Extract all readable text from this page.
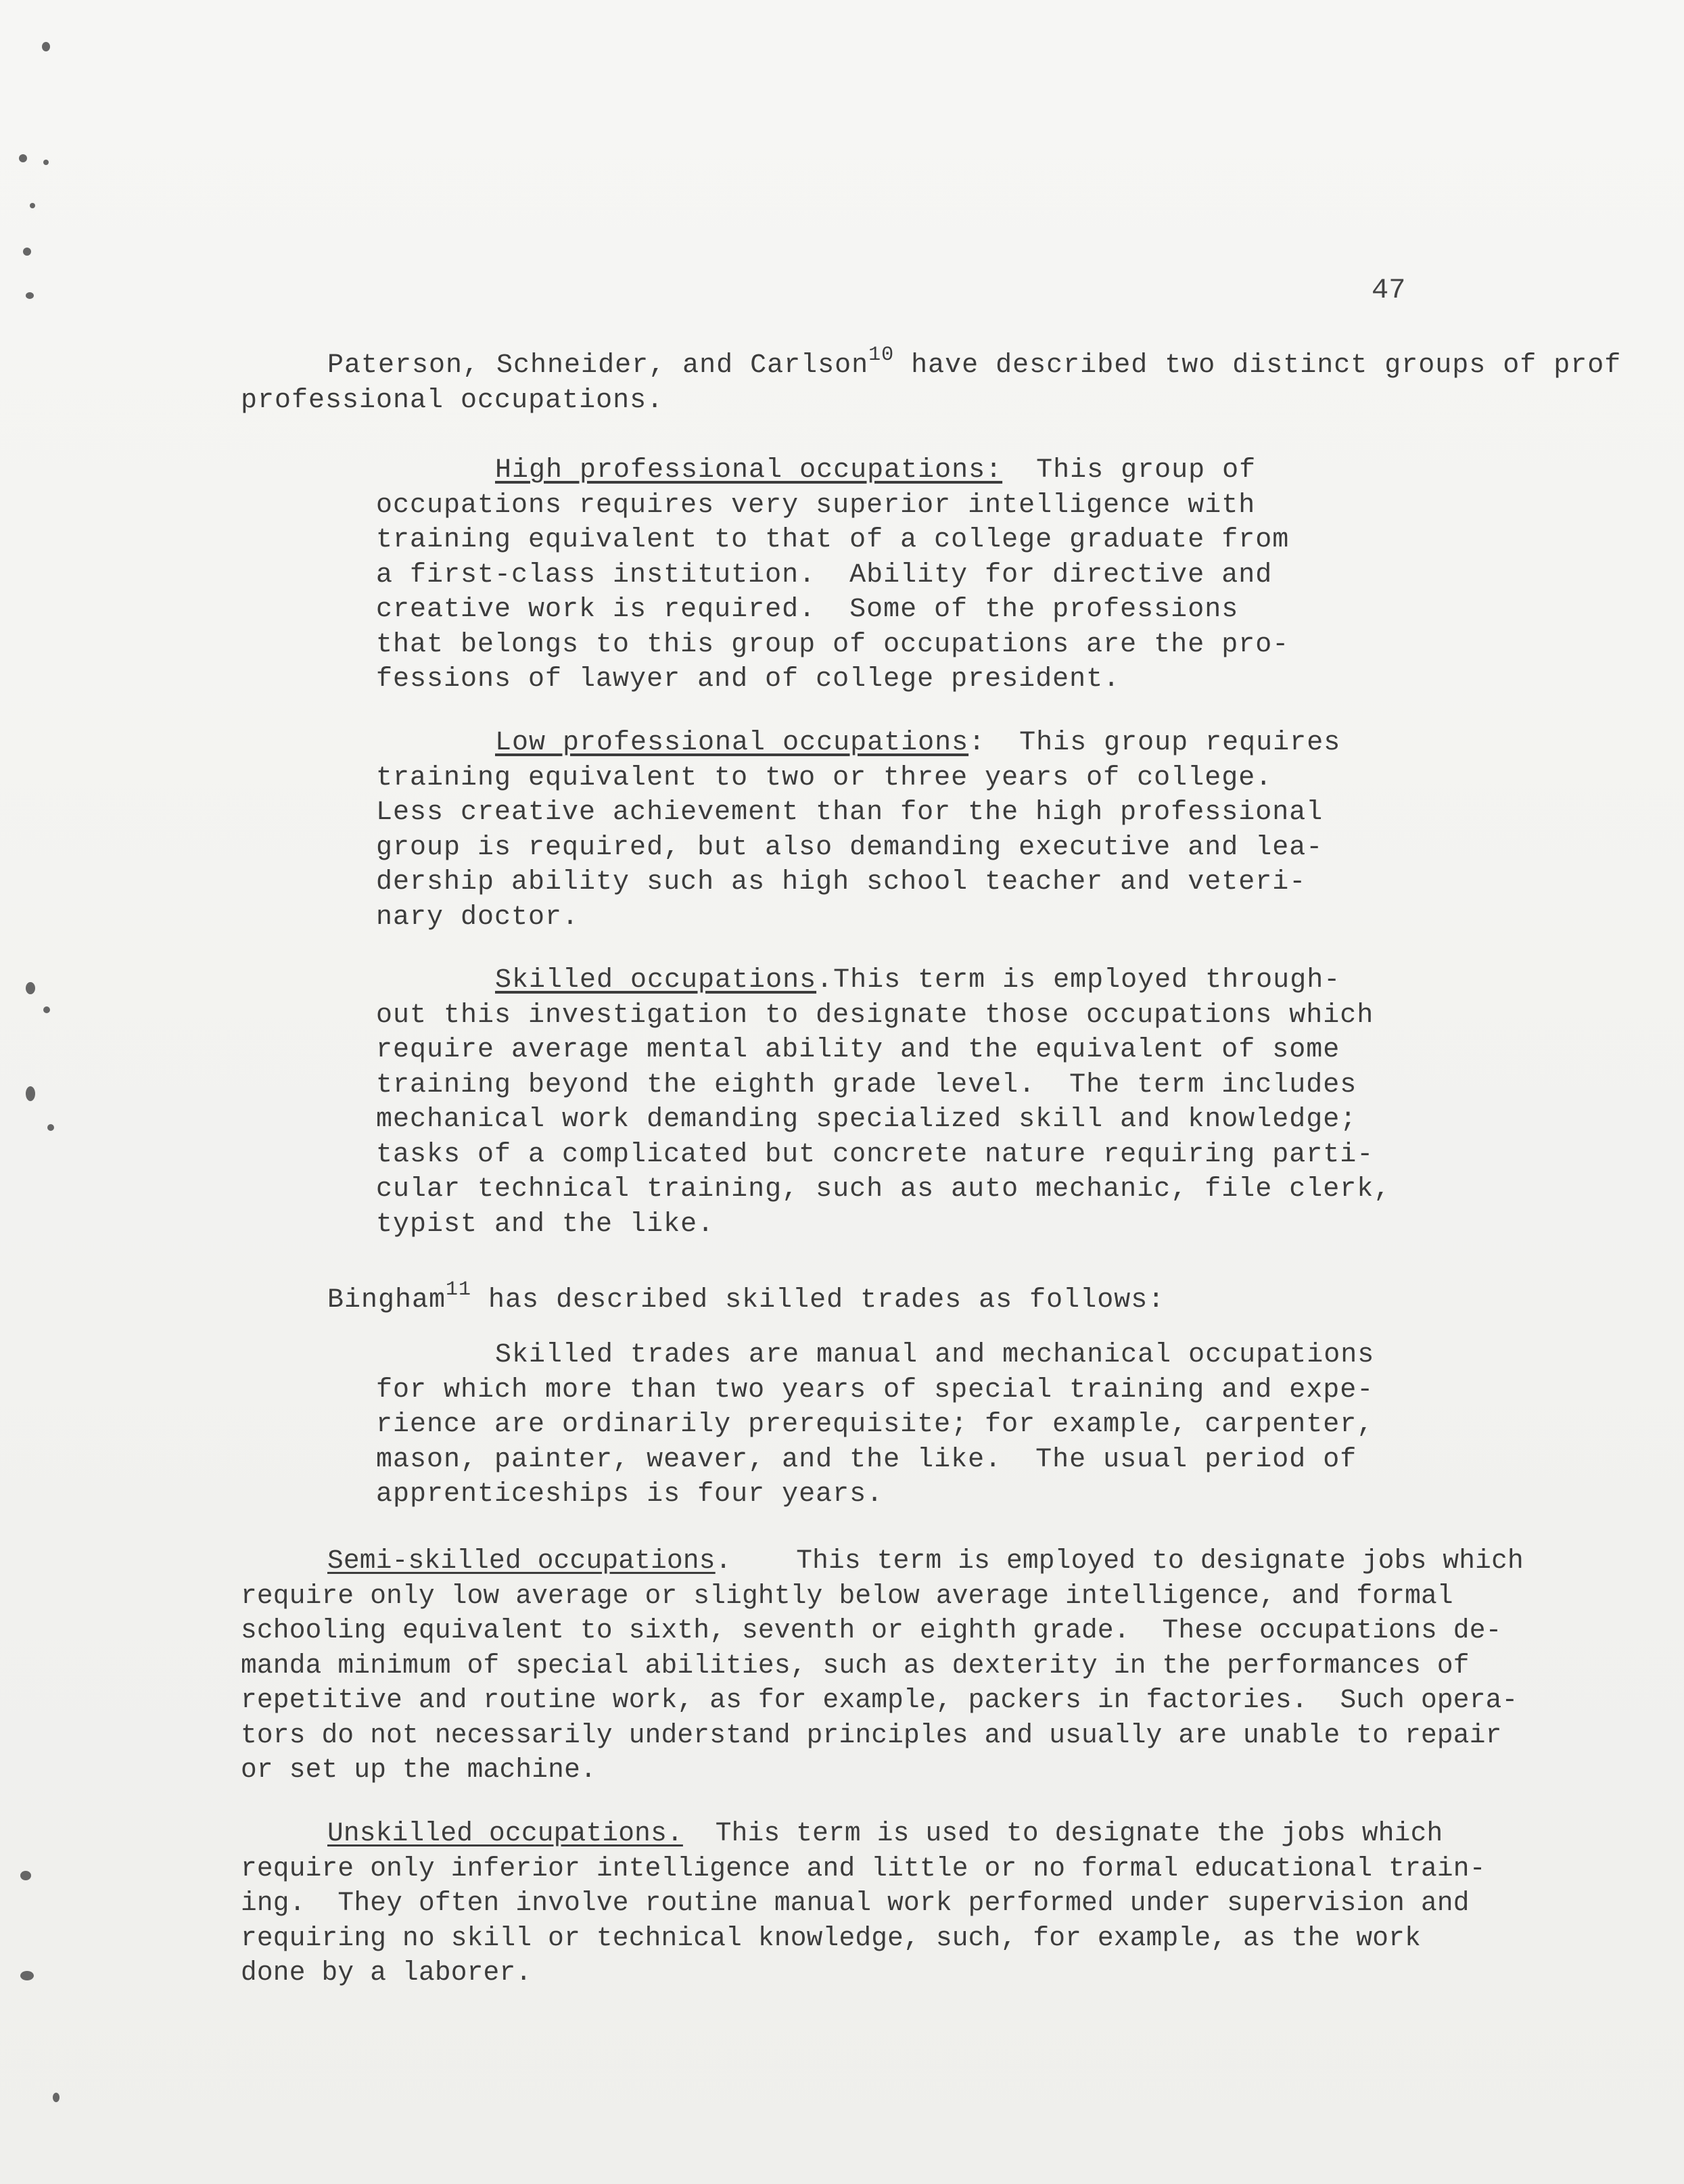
47
Paterson, Schneider, and Carlson$^{10}$ have described two distinct groups of prof
professional occupations.
High professional occupations:  This group of
occupations requires very superior intelligence with
training equivalent to that of a college graduate from
a first-class institution.  Ability for directive and
creative work is required.  Some of the professions
that belongs to this group of occupations are the pro-
fessions of lawyer and of college president.
Low professional occupations:  This group requires
training equivalent to two or three years of college.
Less creative achievement than for the high professional
group is required, but also demanding executive and lea-
dership ability such as high school teacher and veteri-
nary doctor.
Skilled occupations.This term is employed through-
out this investigation to designate those occupations which
require average mental ability and the equivalent of some
training beyond the eighth grade level.  The term includes
mechanical work demanding specialized skill and knowledge;
tasks of a complicated but concrete nature requiring parti-
cular technical training, such as auto mechanic, file clerk,
typist and the like.
Bingham$^{11}$ has described skilled trades as follows:
Skilled trades are manual and mechanical occupations
for which more than two years of special training and expe-
rience are ordinarily prerequisite; for example, carpenter,
mason, painter, weaver, and the like.  The usual period of
apprenticeships is four years.
Semi-skilled occupations.    This term is employed to designate jobs which
require only low average or slightly below average intelligence, and formal
schooling equivalent to sixth, seventh or eighth grade.  These occupations de-
manda minimum of special abilities, such as dexterity in the performances of
repetitive and routine work, as for example, packers in factories.  Such opera-
tors do not necessarily understand principles and usually are unable to repair
or set up the machine.
Unskilled occupations.  This term is used to designate the jobs which
require only inferior intelligence and little or no formal educational train-
ing.  They often involve routine manual work performed under supervision and
requiring no skill or technical knowledge, such, for example, as the work
done by a laborer.
